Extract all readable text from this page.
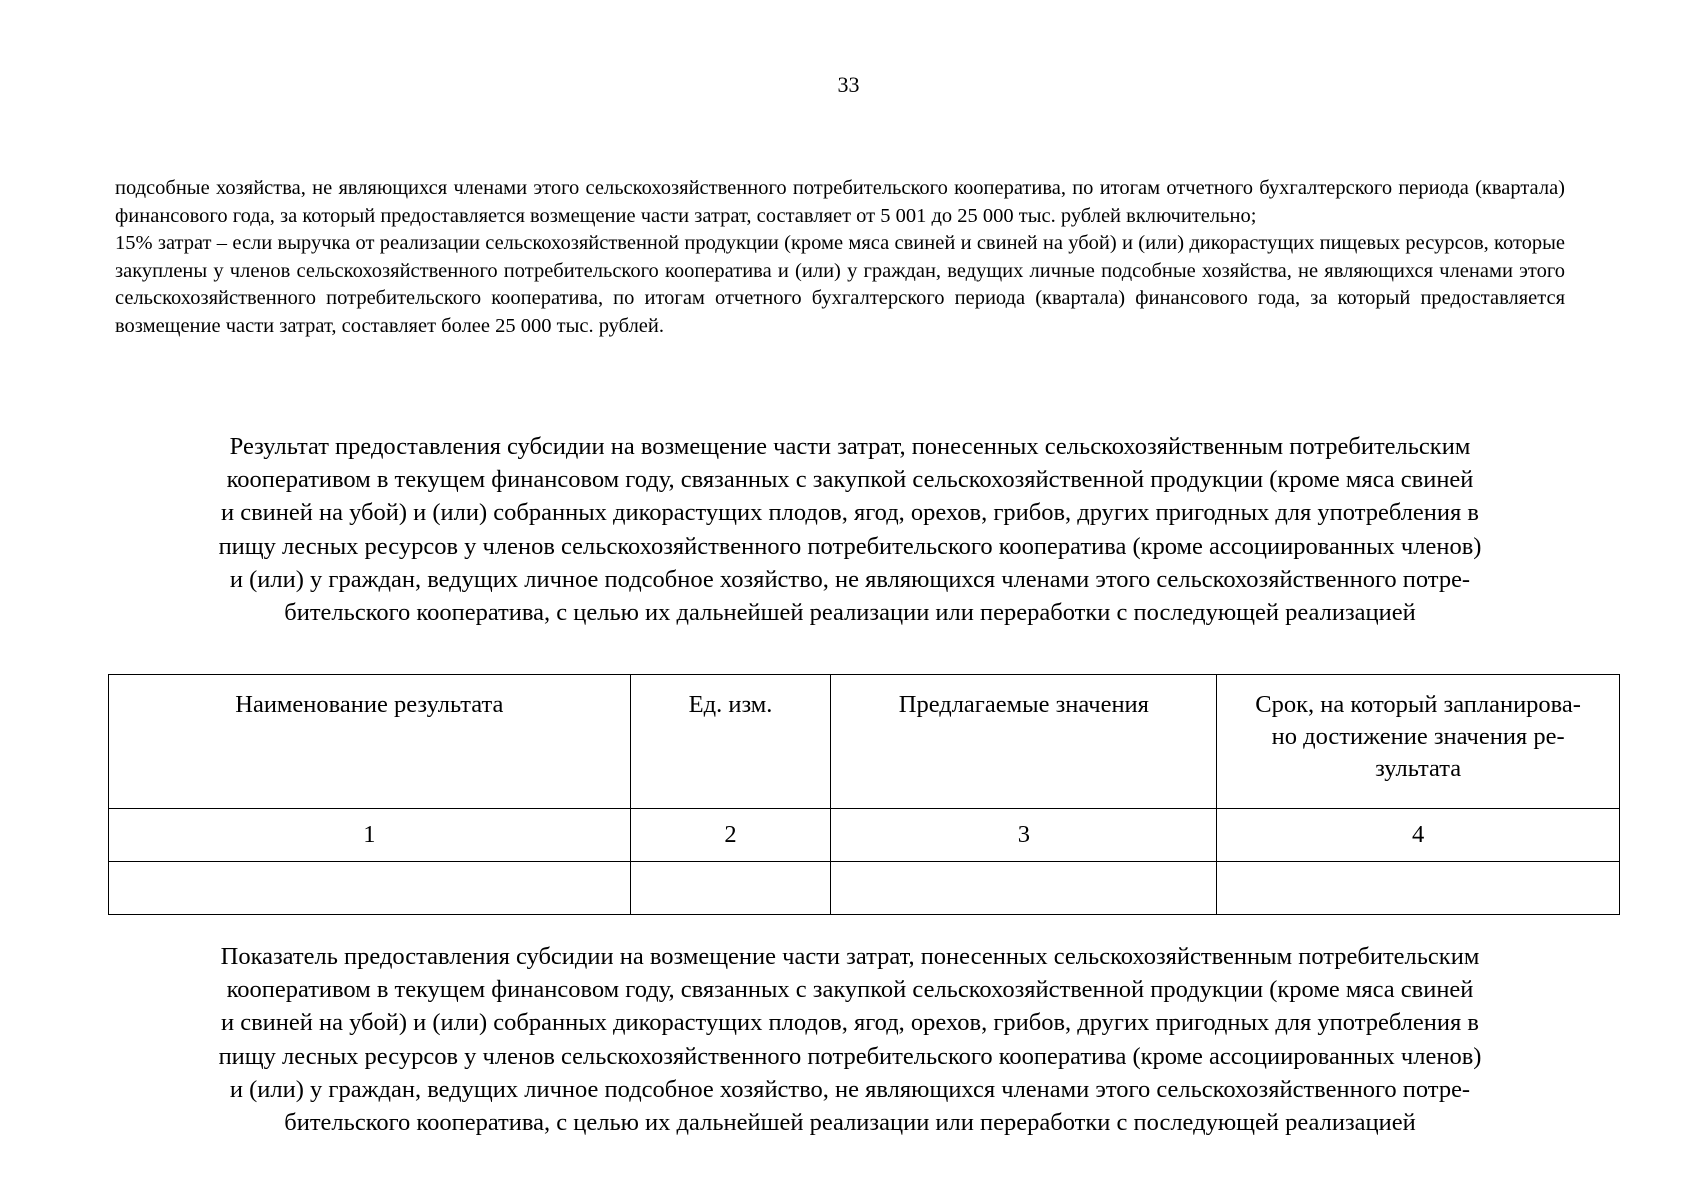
33

подсобные хозяйства, не являющихся членами этого сельскохозяйственного потребительского кооператива, по итогам отчетного бухгалтерского периода (квартала) финансового года, за который предоставляется возмещение части затрат, составляет от 5 001 до 25 000 тыс. рублей включительно;

15% затрат – если выручка от реализации сельскохозяйственной продукции (кроме мяса свиней и свиней на убой) и (или) дикорастущих пищевых ресурсов, которые закуплены у членов сельскохозяйственного потребительского кооператива и (или) у граждан, ведущих личные подсобные хозяйства, не являющихся членами этого сельскохозяйственного потребительского кооператива, по итогам отчетного бухгалтерского периода (квартала) финансового года, за который предоставляется возмещение части затрат, составляет более 25 000 тыс. рублей.

Результат предоставления субсидии на возмещение части затрат, понесенных сельскохозяйственным потребительским
кооперативом в текущем финансовом году, связанных с закупкой сельскохозяйственной продукции (кроме мяса свиней
и свиней на убой) и (или) собранных дикорастущих плодов, ягод, орехов, грибов, других пригодных для употребления в
пищу лесных ресурсов у членов сельскохозяйственного потребительского кооператива (кроме ассоциированных членов)
и (или) у граждан, ведущих личное подсобное хозяйство, не являющихся членами этого сельскохозяйственного потре-
бительского кооператива, с целью их дальнейшей реализации или переработки с последующей реализацией
Наименование результата	Ед. изм.	Предлагаемые значения	Срок, на который запланирова-
но достижение значения ре-
зультата

1	2	3	4

Показатель предоставления субсидии на возмещение части затрат, понесенных сельскохозяйственным потребительским
кооперативом в текущем финансовом году, связанных с закупкой сельскохозяйственной продукции (кроме мяса свиней
и свиней на убой) и (или) собранных дикорастущих плодов, ягод, орехов, грибов, других пригодных для употребления в
пищу лесных ресурсов у членов сельскохозяйственного потребительского кооператива (кроме ассоциированных членов)
и (или) у граждан, ведущих личное подсобное хозяйство, не являющихся членами этого сельскохозяйственного потре-
бительского кооператива, с целью их дальнейшей реализации или переработки с последующей реализацией
